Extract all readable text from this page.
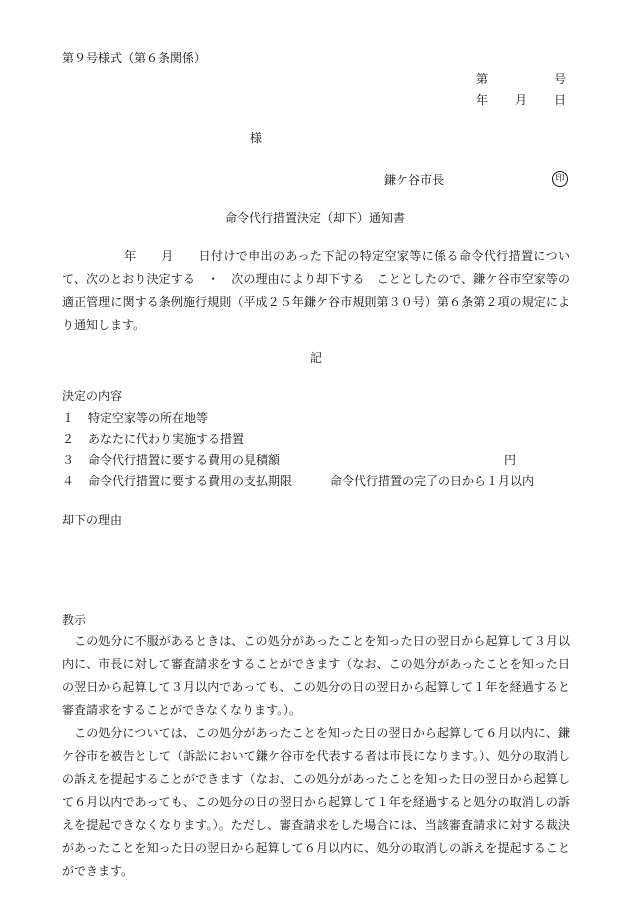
第９号様式（第６条関係）
第	号
年 月 日
様
鎌ケ谷市長	印
命令代行措置決定（却下）通知書
　　　　　年　　月　　日付けで申出のあった下記の特定空家等に係る命令代行措置について、次のとおり決定する　・　次の理由により却下する　こととしたので、鎌ケ谷市空家等の適正管理に関する条例施行規則（平成２５年鎌ケ谷市規則第３０号）第６条第２項の規定により通知します。
記
決定の内容
１ 特定空家等の所在地等
２ あなたに代わり実施する措置
３ 命令代行措置に要する費用の見積額	円
４ 命令代行措置に要する費用の支払期限	命令代行措置の完了の日から１月以内
却下の理由
教示
　この処分に不服があるときは、この処分があったことを知った日の翌日から起算して３月以内に、市長に対して審査請求をすることができます（なお、この処分があったことを知った日の翌日から起算して３月以内であっても、この処分の日の翌日から起算して１年を経過すると審査請求をすることができなくなります。）。
　この処分については、この処分があったことを知った日の翌日から起算して６月以内に、鎌ケ谷市を被告として（訴訟において鎌ケ谷市を代表する者は市長になります。）、処分の取消しの訴えを提起することができます（なお、この処分があったことを知った日の翌日から起算して６月以内であっても、この処分の日の翌日から起算して１年を経過すると処分の取消しの訴えを提起できなくなります。）。ただし、審査請求をした場合には、当該審査請求に対する裁決があったことを知った日の翌日から起算して６月以内に、処分の取消しの訴えを提起することができます。
